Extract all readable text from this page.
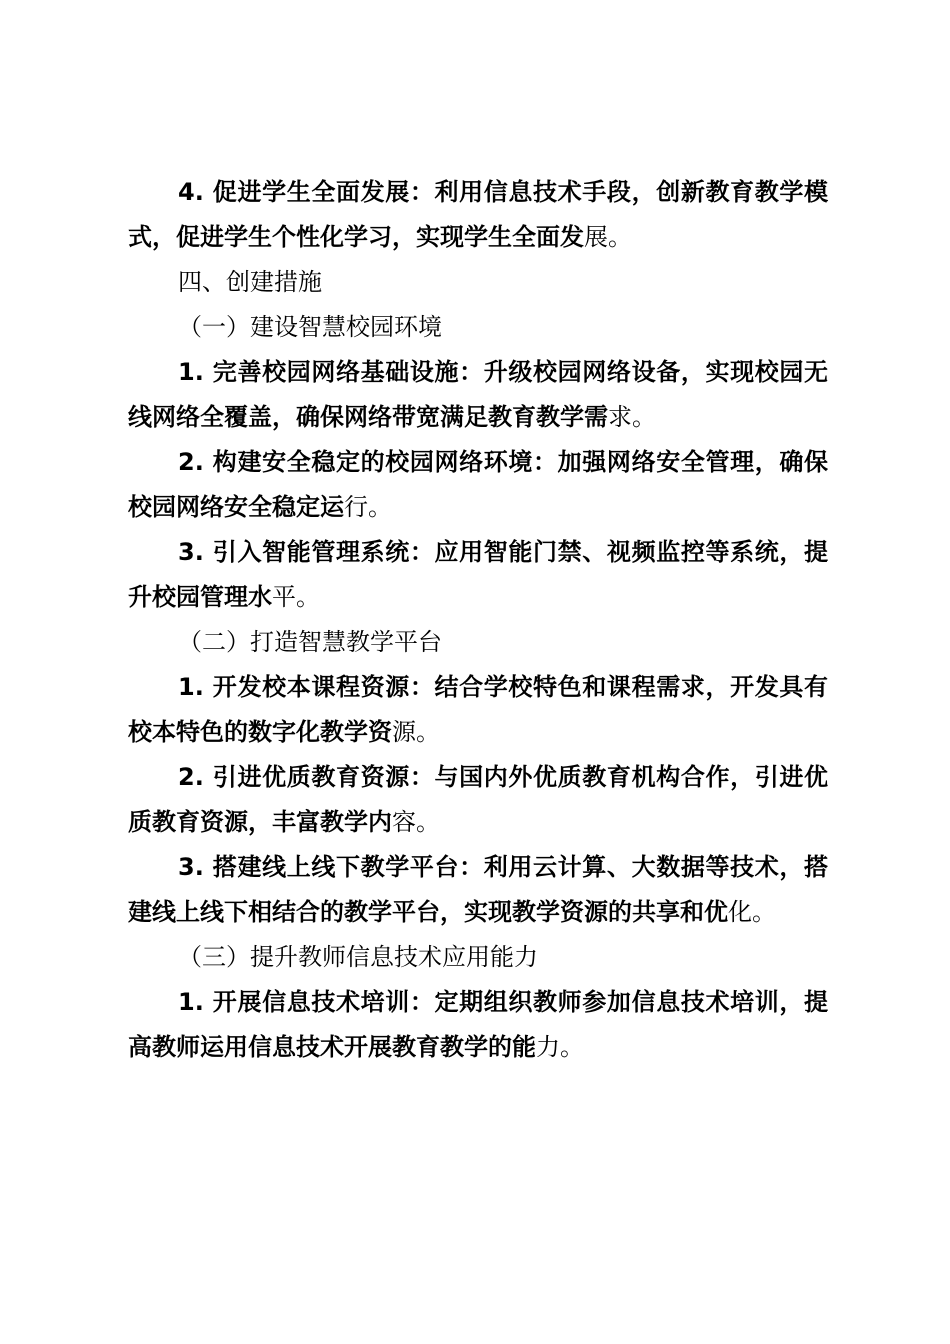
4. 促进学生全面发展：利用信息技术手段，创新教育教学模式，促进学生个性化学习，实现学生全面发展。

四、创建措施

（一）建设智慧校园环境

1. 完善校园网络基础设施：升级校园网络设备，实现校园无线网络全覆盖，确保网络带宽满足教育教学需求。

2. 构建安全稳定的校园网络环境：加强网络安全管理，确保校园网络安全稳定运行。

3. 引入智能管理系统：应用智能门禁、视频监控等系统，提升校园管理水平。

（二）打造智慧教学平台

1. 开发校本课程资源：结合学校特色和课程需求，开发具有校本特色的数字化教学资源。

2. 引进优质教育资源：与国内外优质教育机构合作，引进优质教育资源，丰富教学内容。

3. 搭建线上线下教学平台：利用云计算、大数据等技术，搭建线上线下相结合的教学平台，实现教学资源的共享和优化。

（三）提升教师信息技术应用能力

1. 开展信息技术培训：定期组织教师参加信息技术培训，提高教师运用信息技术开展教育教学的能力。
